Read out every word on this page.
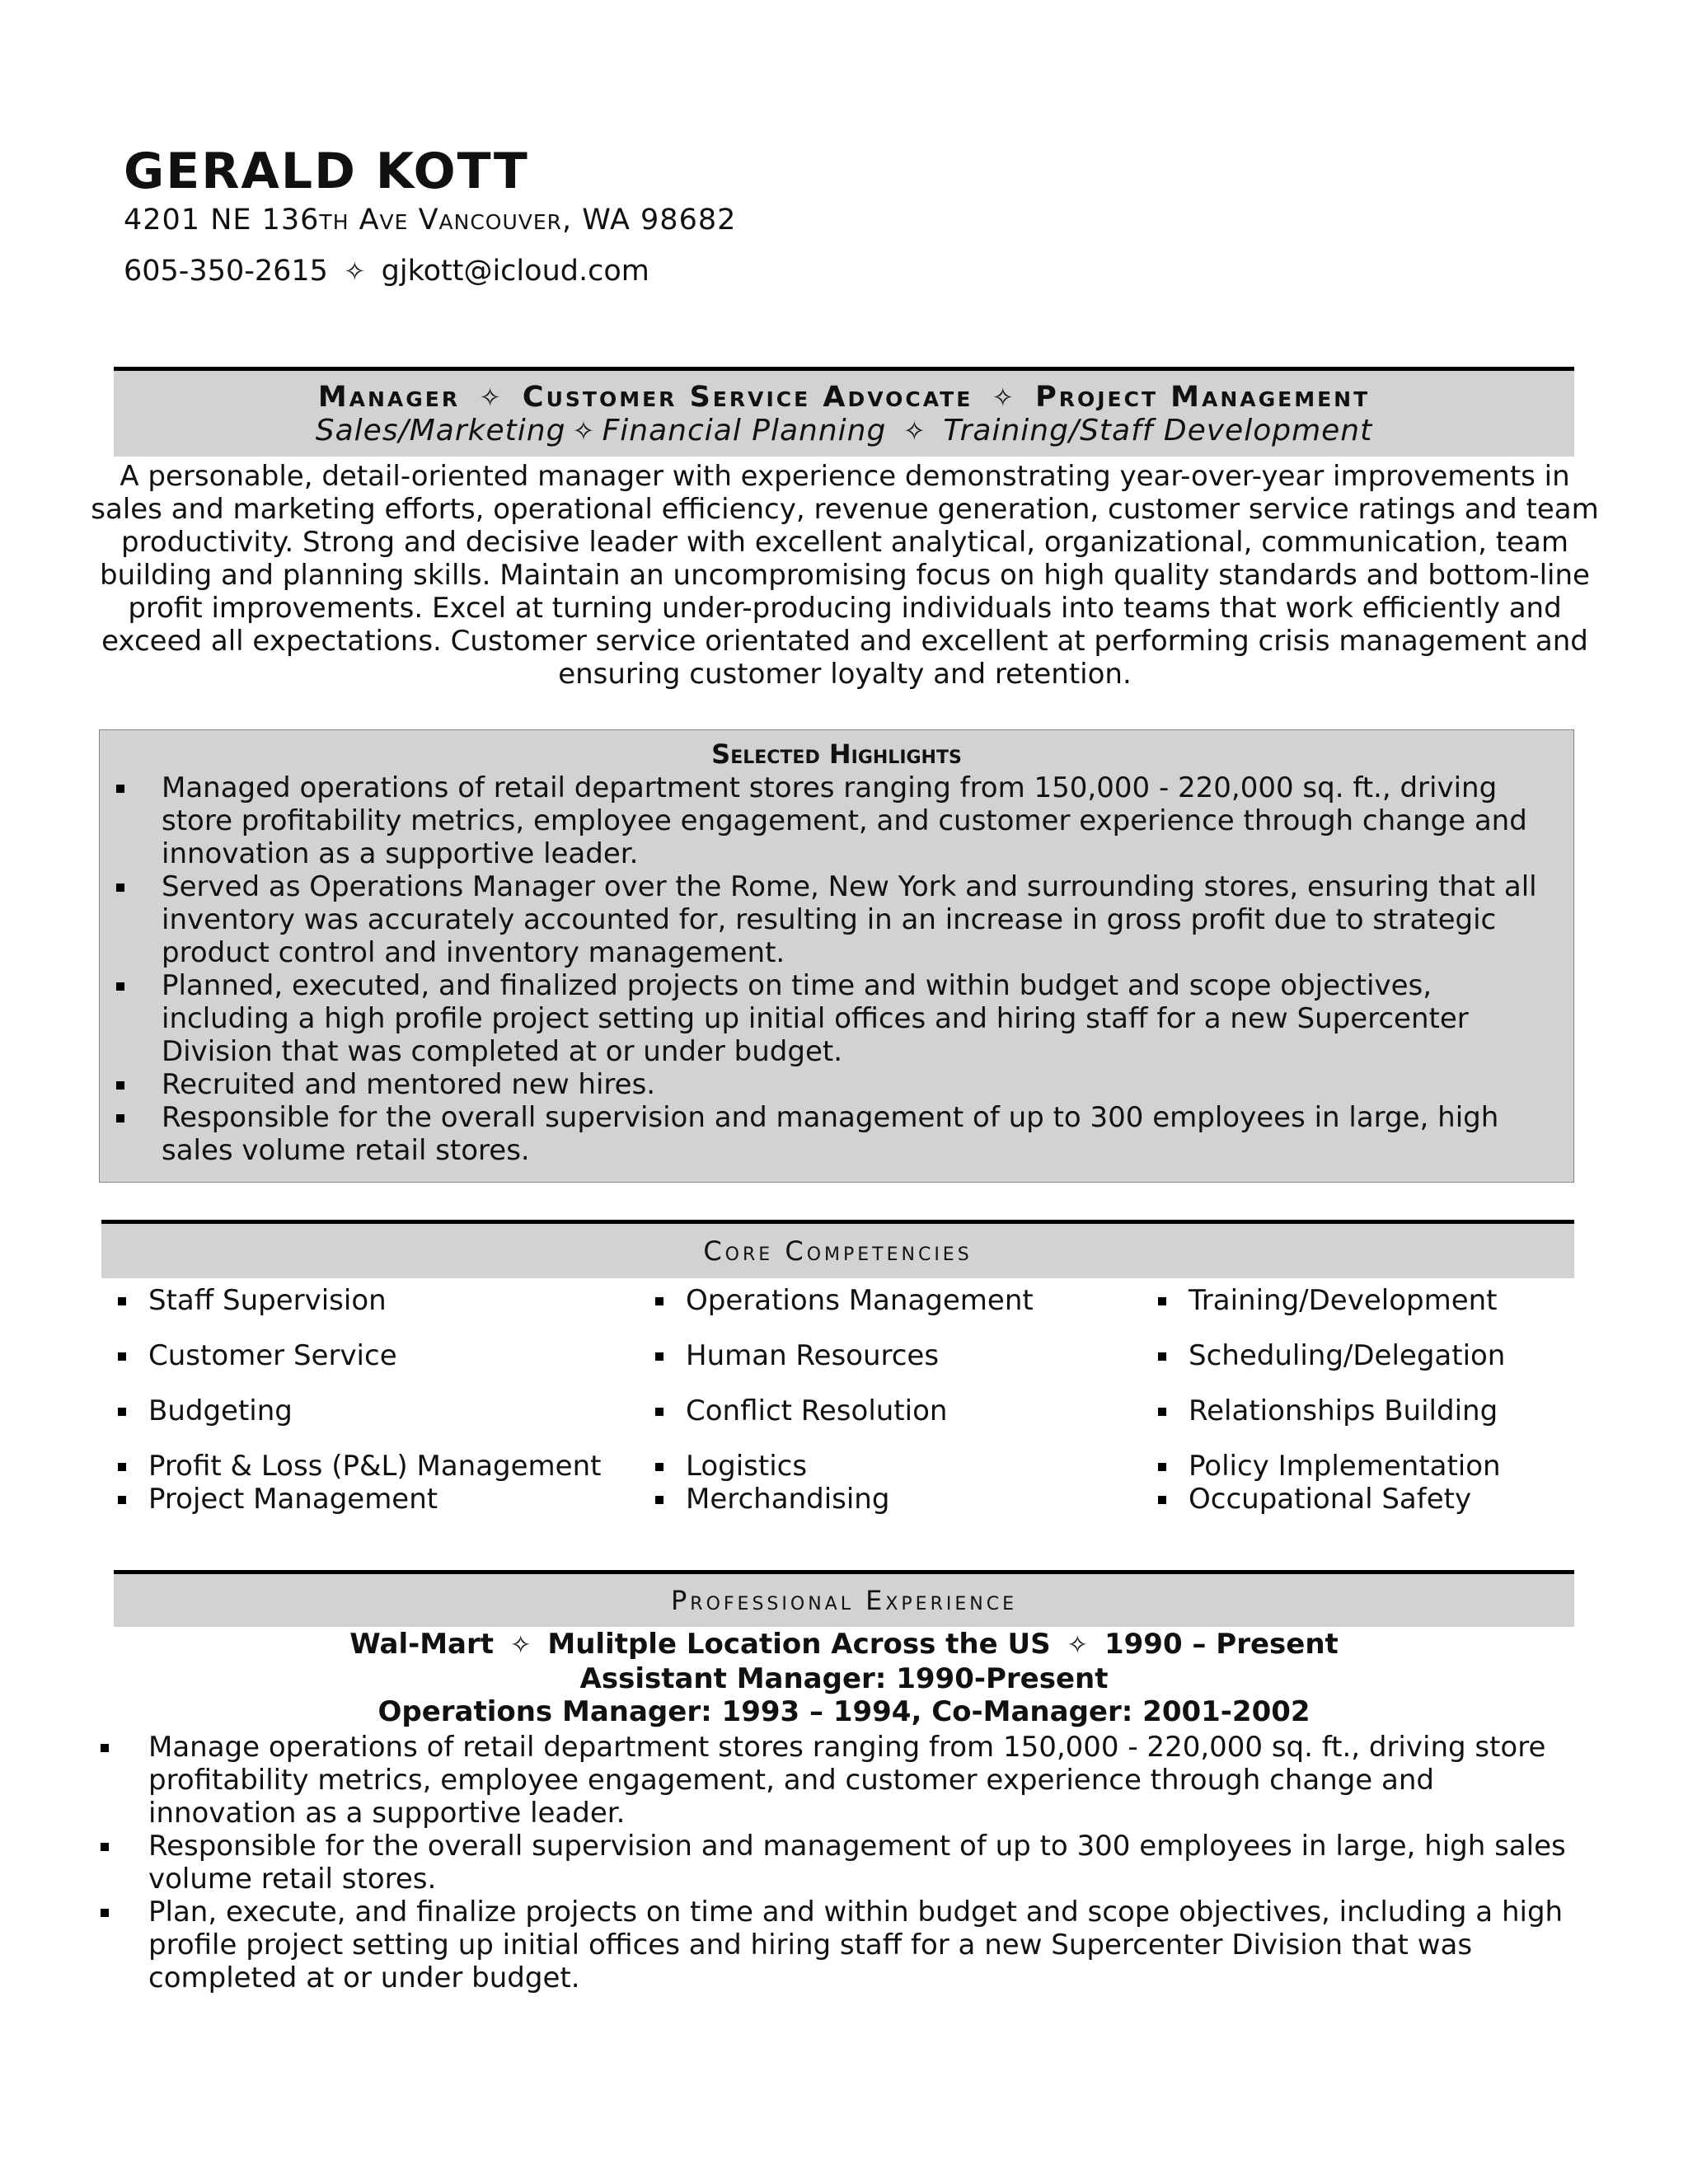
GERALD KOTT
4201 NE 136th Ave Vancouver, WA 98682
605-350-2615 ✧ gjkott@icloud.com
Manager ✧ Customer Service Advocate ✧ Project Management
Sales/Marketing ✧ Financial Planning ✧ Training/Staff Development

A personable, detail-oriented manager with experience demonstrating year-over-year improvements in sales and marketing efforts, operational efficiency, revenue generation, customer service ratings and team productivity. Strong and decisive leader with excellent analytical, organizational, communication, team building and planning skills. Maintain an uncompromising focus on high quality standards and bottom-line profit improvements. Excel at turning under-producing individuals into teams that work efficiently and exceed all expectations. Customer service orientated and excellent at performing crisis management and ensuring customer loyalty and retention.

Selected Highlights
Managed operations of retail department stores ranging from 150,000 - 220,000 sq. ft., driving store profitability metrics, employee engagement, and customer experience through change and innovation as a supportive leader.
Served as Operations Manager over the Rome, New York and surrounding stores, ensuring that all inventory was accurately accounted for, resulting in an increase in gross profit due to strategic product control and inventory management.
Planned, executed, and finalized projects on time and within budget and scope objectives, including a high profile project setting up initial offices and hiring staff for a new Supercenter Division that was completed at or under budget.
Recruited and mentored new hires.
Responsible for the overall supervision and management of up to 300 employees in large, high sales volume retail stores.
Core Competencies
Staff Supervision
Customer Service
Budgeting
Profit & Loss (P&L) Management
Project Management
Operations Management
Human Resources
Conflict Resolution
Logistics
Merchandising
Training/Development
Scheduling/Delegation
Relationships Building
Policy Implementation
Occupational Safety
Professional Experience
Wal-Mart ✧ Mulitple Location Across the US ✧ 1990 – Present
Assistant Manager: 1990-Present
Operations Manager: 1993 – 1994, Co-Manager: 2001-2002
Manage operations of retail department stores ranging from 150,000 - 220,000 sq. ft., driving store profitability metrics, employee engagement, and customer experience through change and innovation as a supportive leader.
Responsible for the overall supervision and management of up to 300 employees in large, high sales volume retail stores.
Plan, execute, and finalize projects on time and within budget and scope objectives, including a high profile project setting up initial offices and hiring staff for a new Supercenter Division that was completed at or under budget.
